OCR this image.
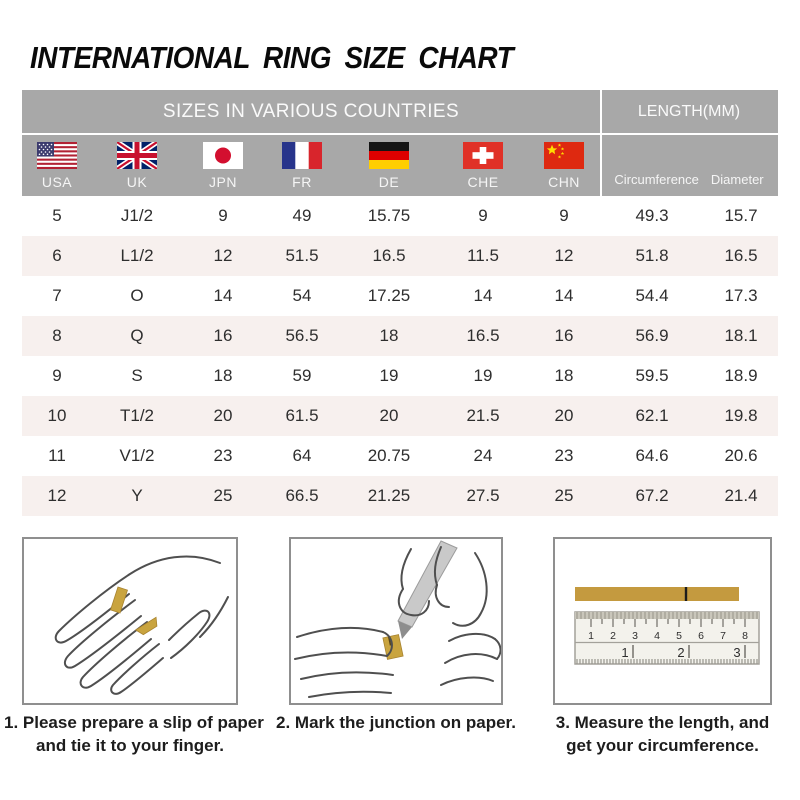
INTERNATIONAL RING SIZE CHART
SIZES IN VARIOUS COUNTRIES	LENGTH(MM)
USA	UK	JPN	FR	DE	CHE	CHN	Circumference Diameter
5	J1/2	9	49	15.75	9	9	49.3	15.7
6	L1/2	12	51.5	16.5	11.5	12	51.8	16.5
7	O	14	54	17.25	14	14	54.4	17.3
8	Q	16	56.5	18	16.5	16	56.9	18.1
9	S	18	59	19	19	18	59.5	18.9
10	T1/2	20	61.5	20	21.5	20	62.1	19.8
11	V1/2	23	64	20.75	24	23	64.6	20.6
12	Y	25	66.5	21.25	27.5	25	67.2	21.4
1 2 3 4 5 6 7 8
1	2	3
1. Please prepare a slip of paper
and tie it to your finger.
2. Mark the junction on paper.	3. Measure the length, and
get your circumference.
